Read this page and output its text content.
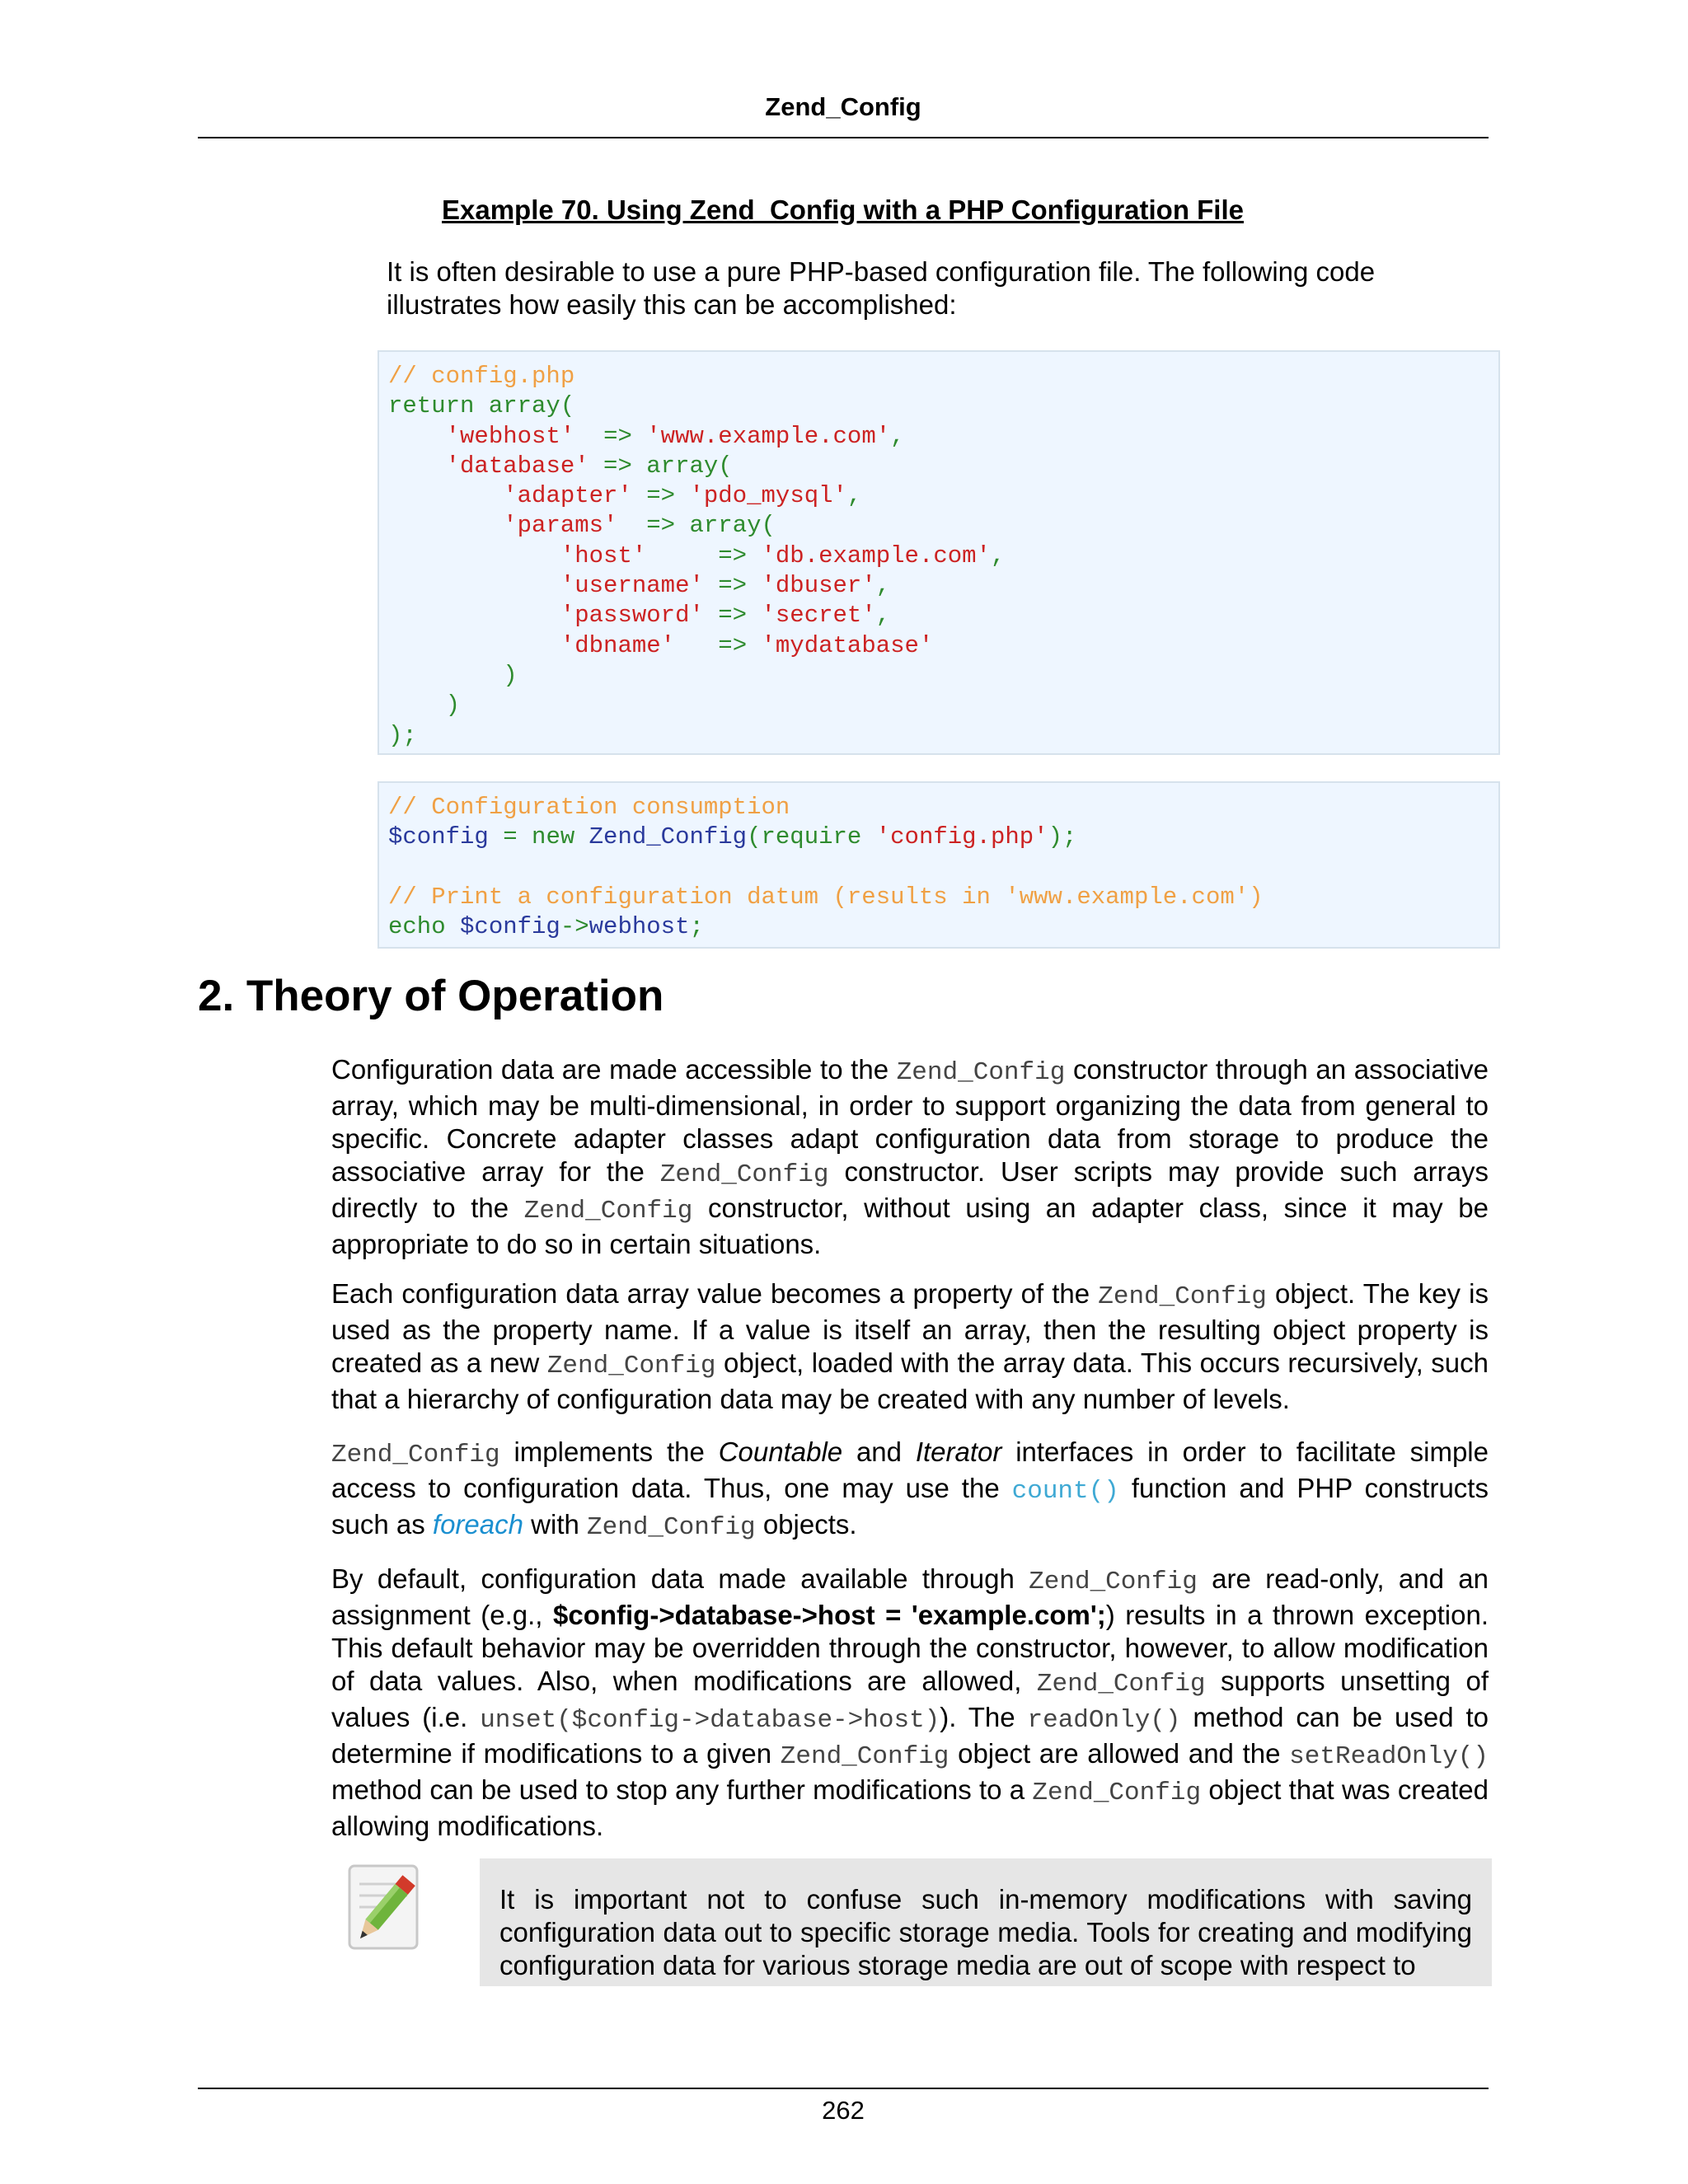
Zend_Config
Example 70. Using Zend_Config with a PHP Configuration File

It is often desirable to use a pure PHP-based configuration file. The following code illustrates how easily this can be accomplished:

// config.php
return array(
'webhost'  => 'www.example.com',
'database' => array(
'adapter' => 'pdo_mysql',
'params'  => array(
'host'     => 'db.example.com',
'username' => 'dbuser',
'password' => 'secret',
'dbname'   => 'mydatabase'
)
)
);
// Configuration consumption
$config = new Zend_Config(require 'config.php');

// Print a configuration datum (results in 'www.example.com')
echo $config->webhost;
2. Theory of Operation

Configuration data are made accessible to the Zend_Config constructor through an associative array, which may be multi-dimensional, in order to support organizing the data from general to specific. Concrete adapter classes adapt configuration data from storage to produce the associative array for the Zend_Config constructor. User scripts may provide such arrays directly to the Zend_Config constructor, without using an adapter class, since it may be appropriate to do so in certain situations.

Each configuration data array value becomes a property of the Zend_Config object. The key is used as the property name. If a value is itself an array, then the resulting object property is created as a new Zend_Config object, loaded with the array data. This occurs recursively, such that a hierarchy of configuration data may be created with any number of levels.

Zend_Config implements the Countable and Iterator interfaces in order to facilitate simple access to configuration data. Thus, one may use the count() function and PHP constructs such as foreach with Zend_Config objects.

By default, configuration data made available through Zend_Config are read-only, and an assignment (e.g., $config->database->host = 'example.com';) results in a thrown exception. This default behavior may be overridden through the constructor, however, to allow modification of data values. Also, when modifications are allowed, Zend_Config supports unsetting of values (i.e. unset($config->database->host)). The readOnly() method can be used to determine if modifications to a given Zend_Config object are allowed and the setReadOnly() method can be used to stop any further modifications to a Zend_Config object that was created allowing modifications.

It is important not to confuse such in-memory modifications with saving configuration data out to specific storage media. Tools for creating and modifying configuration data for various storage media are out of scope with respect to

262
